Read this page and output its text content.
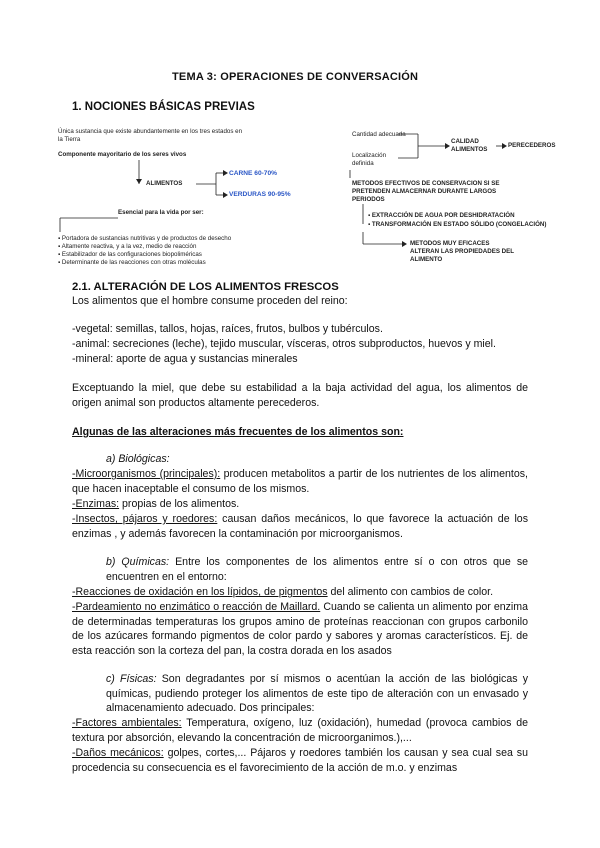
TEMA 3: OPERACIONES DE CONVERSACIÓN
1. NOCIONES BÁSICAS PREVIAS
Única sustancia que existe abundantemente en los tres estados en
la Tierra
Componente mayoritario de los seres vivos
ALIMENTOS
CARNE 60-70%
VERDURAS 90-95%
Esencial para la vida por ser:
▪ Portadora de sustancias nutritivas y de productos de desecho
▪ Altamente reactiva, y a la vez, medio de reacción
▪ Estabilizador de las configuraciones biopoliméricas
▪ Determinante de las reacciones con otras moléculas
Cantidad adecuada
Localización
definida
CALIDAD
ALIMENTOS
PERECEDEROS
METODOS EFECTIVOS DE CONSERVACION SI SE
PRETENDEN ALMACERNAR DURANTE LARGOS
PERIODOS
▪ EXTRACCIÓN DE AGUA POR DESHIDRATACIÓN
▪ TRANSFORMACIÓN EN ESTADO SÓLIDO (CONGELACIÓN)
METODOS MUY EFICACES
ALTERAN LAS PROPIEDADES DEL
ALIMENTO
2.1. ALTERACIÓN DE LOS ALIMENTOS FRESCOS
Los alimentos que el hombre consume proceden del reino:
-vegetal: semillas, tallos, hojas, raíces, frutos, bulbos y tubérculos.
-animal: secreciones (leche), tejido muscular, vísceras, otros subproductos, huevos y miel.
-mineral: aporte de agua y sustancias minerales
Exceptuando la miel, que debe su estabilidad a la baja actividad del agua, los alimentos de origen animal son productos altamente perecederos.
Algunas de las alteraciones más frecuentes de los alimentos son:
a) Biológicas:
-Microorganismos (principales): producen metabolitos a partir de los nutrientes de los alimentos, que hacen inaceptable el consumo de los mismos.
-Enzimas: propias de los alimentos.
-Insectos, pájaros y roedores: causan daños mecánicos, lo que favorece la actuación de los enzimas , y además favorecen la contaminación por microorganismos.
b) Químicas: Entre los componentes de los alimentos entre sí o con otros que se encuentren en el entorno:
-Reacciones de oxidación en los lípidos, de pigmentos del alimento con cambios de color.
-Pardeamiento no enzimático o reacción de Maillard. Cuando se calienta un alimento por enzima de determinadas temperaturas los grupos amino de proteínas reaccionan con grupos carbonilo de los azúcares formando pigmentos de color pardo y sabores y aromas característicos. Ej. de esta reacción son la corteza del pan, la costra dorada en los asados
c) Físicas: Son degradantes por sí mismos o acentúan la acción de las biológicas y químicas, pudiendo proteger los alimentos de este tipo de alteración con un envasado y almacenamiento adecuado. Dos principales:
-Factores ambientales: Temperatura, oxígeno, luz (oxidación), humedad (provoca cambios de textura por absorción, elevando la concentración de microorganimos.),...
-Daños mecánicos: golpes, cortes,... Pájaros y roedores también los causan y sea cual sea su procedencia su consecuencia es el favorecimiento de la acción de m.o. y enzimas
